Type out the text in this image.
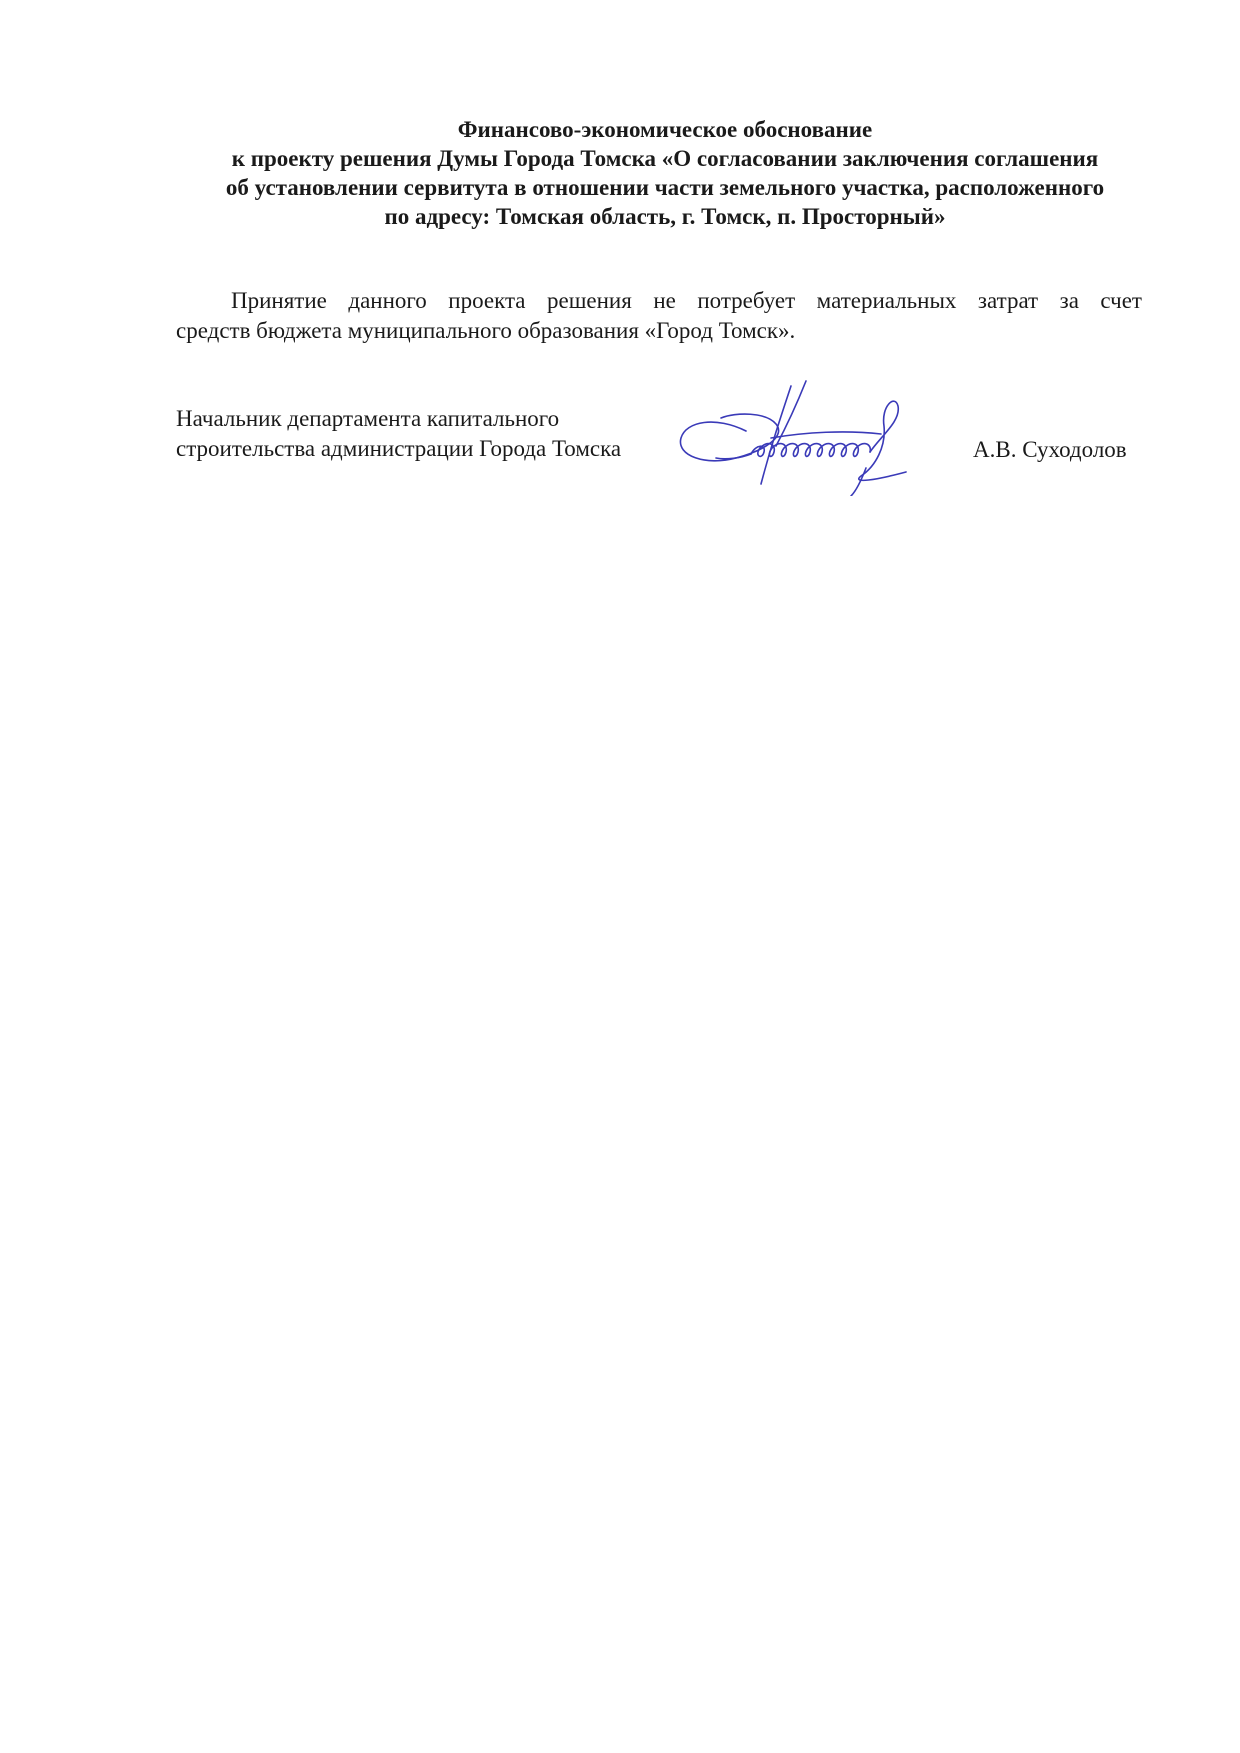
Финансово-экономическое обоснование
к проекту решения Думы Города Томска «О согласовании заключения соглашения
об установлении сервитута в отношении части земельного участка, расположенного
по адресу: Томская область, г. Томск, п. Просторный»
Принятие данного проекта решения не потребует материальных затрат за счет
средств бюджета муниципального образования «Город Томск».
Начальник департамента капитального
строительства администрации Города Томска	А.В. Суходолов
